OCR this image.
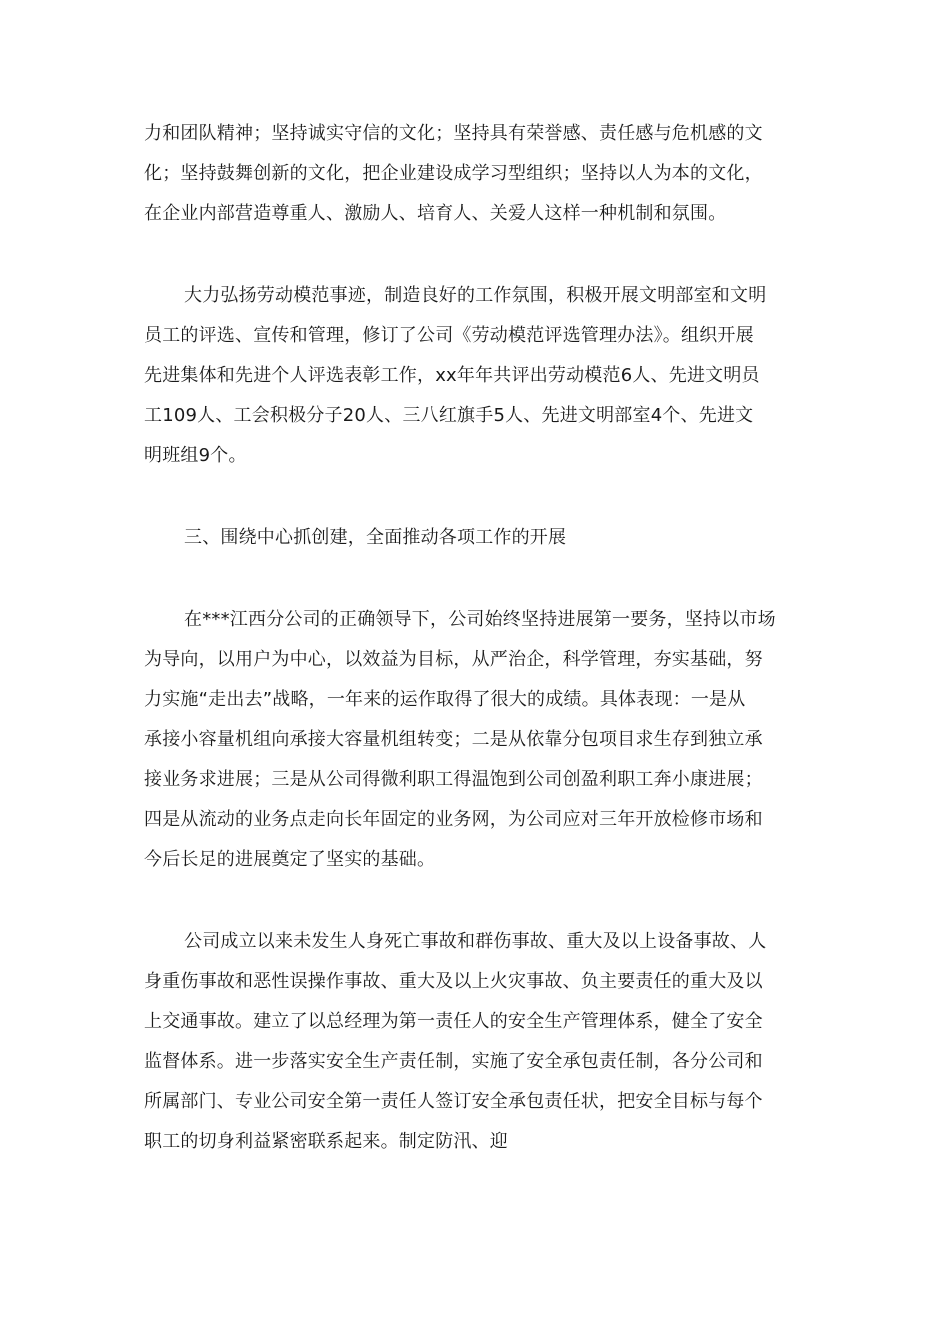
力和团队精神；坚持诚实守信的文化；坚持具有荣誉感、责任感与危机感的文
化；坚持鼓舞创新的文化，把企业建设成学习型组织；坚持以人为本的文化，
在企业内部营造尊重人、激励人、培育人、关爱人这样一种机制和氛围。
大力弘扬劳动模范事迹，制造良好的工作氛围，积极开展文明部室和文明
员工的评选、宣传和管理，修订了公司《劳动模范评选管理办法》。组织开展
先进集体和先进个人评选表彰工作，xx年年共评出劳动模范6人、先进文明员
工109人、工会积极分子20人、三八红旗手5人、先进文明部室4个、先进文
明班组9个。
三、围绕中心抓创建，全面推动各项工作的开展
在***江西分公司的正确领导下，公司始终坚持进展第一要务，坚持以市场
为导向，以用户为中心，以效益为目标，从严治企，科学管理，夯实基础，努
力实施“走出去”战略，一年来的运作取得了很大的成绩。具体表现：一是从
承接小容量机组向承接大容量机组转变；二是从依靠分包项目求生存到独立承
接业务求进展；三是从公司得微利职工得温饱到公司创盈利职工奔小康进展；
四是从流动的业务点走向长年固定的业务网，为公司应对三年开放检修市场和
今后长足的进展奠定了坚实的基础。
公司成立以来未发生人身死亡事故和群伤事故、重大及以上设备事故、人
身重伤事故和恶性误操作事故、重大及以上火灾事故、负主要责任的重大及以
上交通事故。建立了以总经理为第一责任人的安全生产管理体系，健全了安全
监督体系。进一步落实安全生产责任制，实施了安全承包责任制，各分公司和
所属部门、专业公司安全第一责任人签订安全承包责任状，把安全目标与每个
职工的切身利益紧密联系起来。制定防汛、迎
